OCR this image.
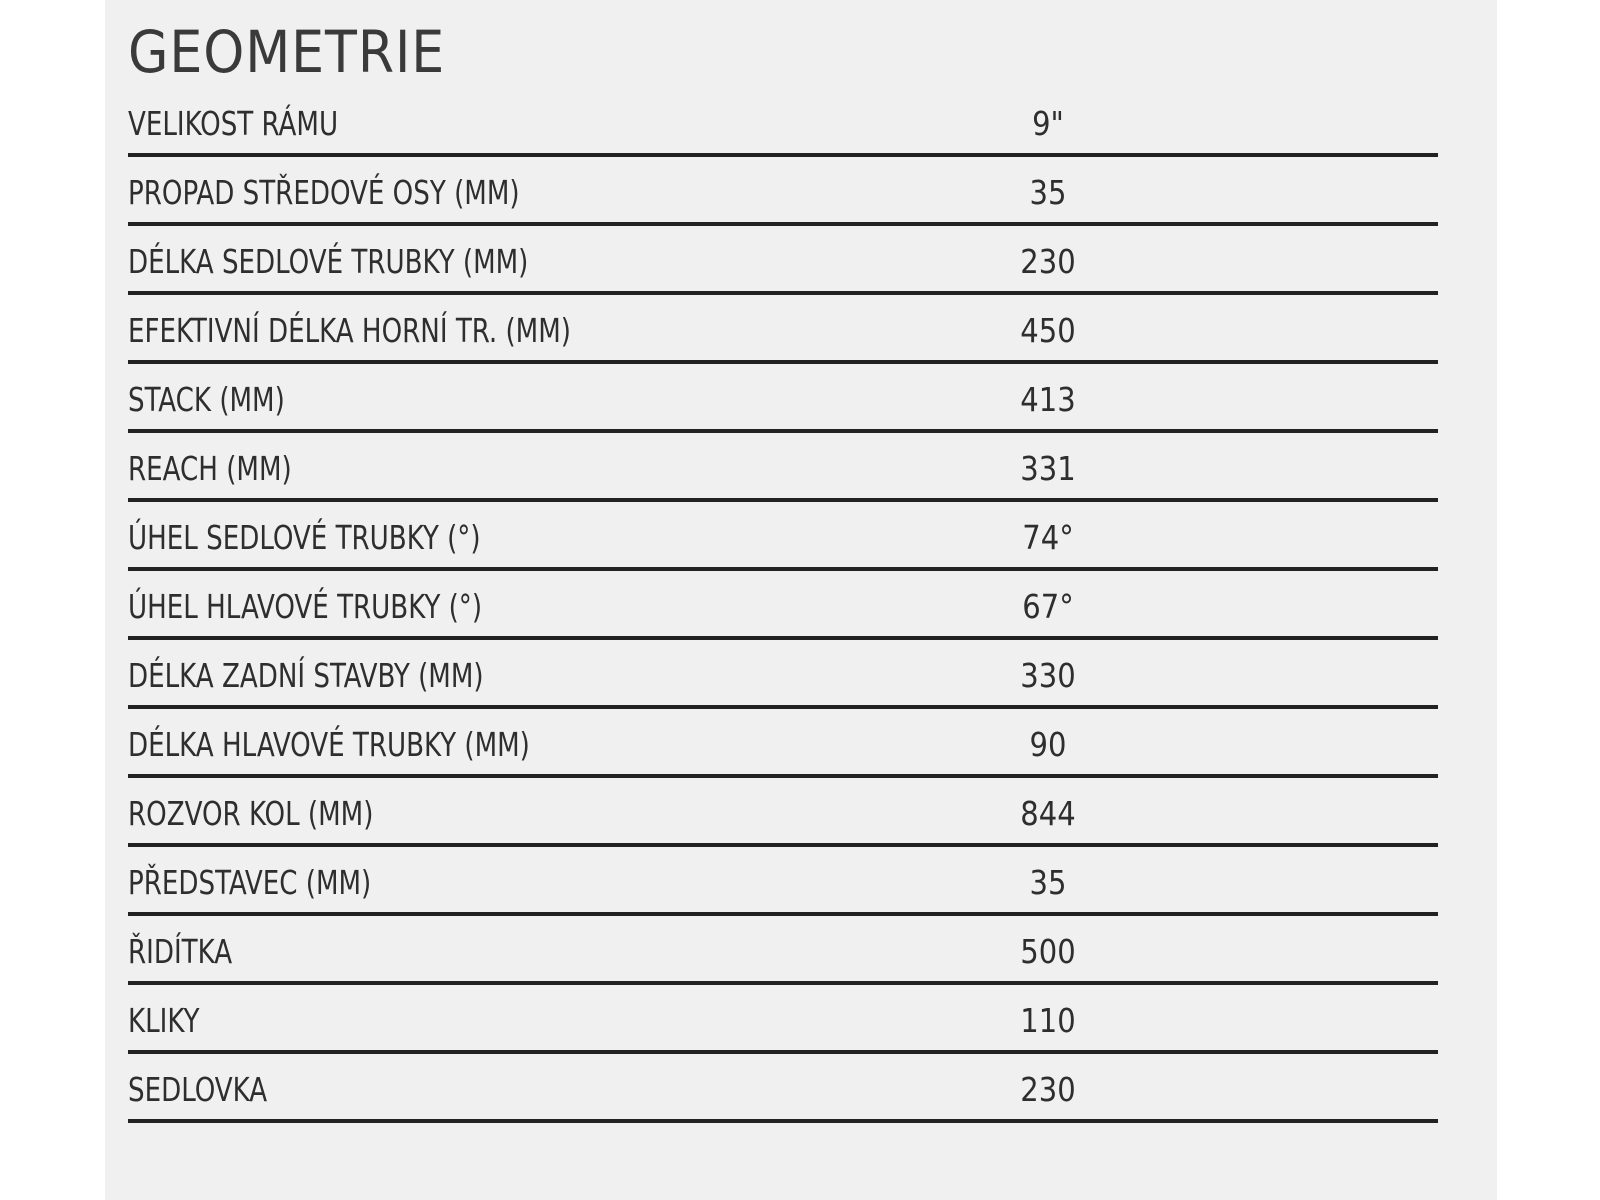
GEOMETRIE
VELIKOST RÁMU	9"
PROPAD STŘEDOVÉ OSY (MM)	35
DÉLKA SEDLOVÉ TRUBKY (MM)	230
EFEKTIVNÍ DÉLKA HORNÍ TR. (MM)	450
STACK (MM)	413
REACH (MM)	331
ÚHEL SEDLOVÉ TRUBKY (°)	74°
ÚHEL HLAVOVÉ TRUBKY (°)	67°
DÉLKA ZADNÍ STAVBY (MM)	330
DÉLKA HLAVOVÉ TRUBKY (MM)	90
ROZVOR KOL (MM)	844
PŘEDSTAVEC (MM)	35
ŘIDÍTKA	500
KLIKY	110
SEDLOVKA	230
